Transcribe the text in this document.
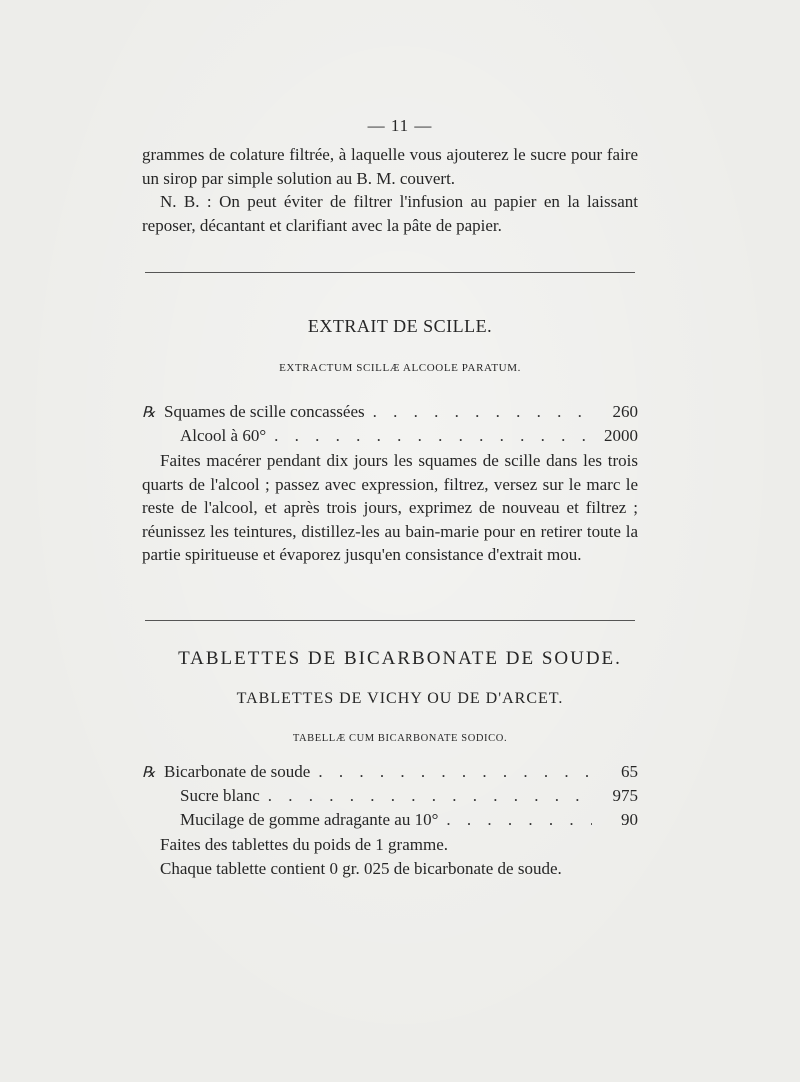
— 11 —

grammes de colature filtrée, à laquelle vous ajouterez le sucre pour faire un sirop par simple solution au B. M. couvert.

N. B. : On peut éviter de filtrer l'infusion au papier en la laissant reposer, décantant et clarifiant avec la pâte de papier.

EXTRAIT DE SCILLE.
EXTRACTUM SCILLÆ ALCOOLE PARATUM.
℞ Squames de scille concassées . . .	260
Alcool à 60° . . .	2000

Faites macérer pendant dix jours les squames de scille dans les trois quarts de l'alcool ; passez avec expression, filtrez, versez sur le marc le reste de l'alcool, et après trois jours, exprimez de nouveau et filtrez ; réunissez les teintures, distillez-les au bain-marie pour en retirer toute la partie spiritueuse et évaporez jusqu'en consistance d'extrait mou.

TABLETTES DE BICARBONATE DE SOUDE.
TABLETTES DE VICHY OU DE D'ARCET.
TABELLÆ CUM BICARBONATE SODICO.
℞ Bicarbonate de soude . . .	65
Sucre blanc . . .	975
Mucilage de gomme adragante au 10° . . .	90

Faites des tablettes du poids de 1 gramme.

Chaque tablette contient 0 gr. 025 de bicarbonate de soude.
